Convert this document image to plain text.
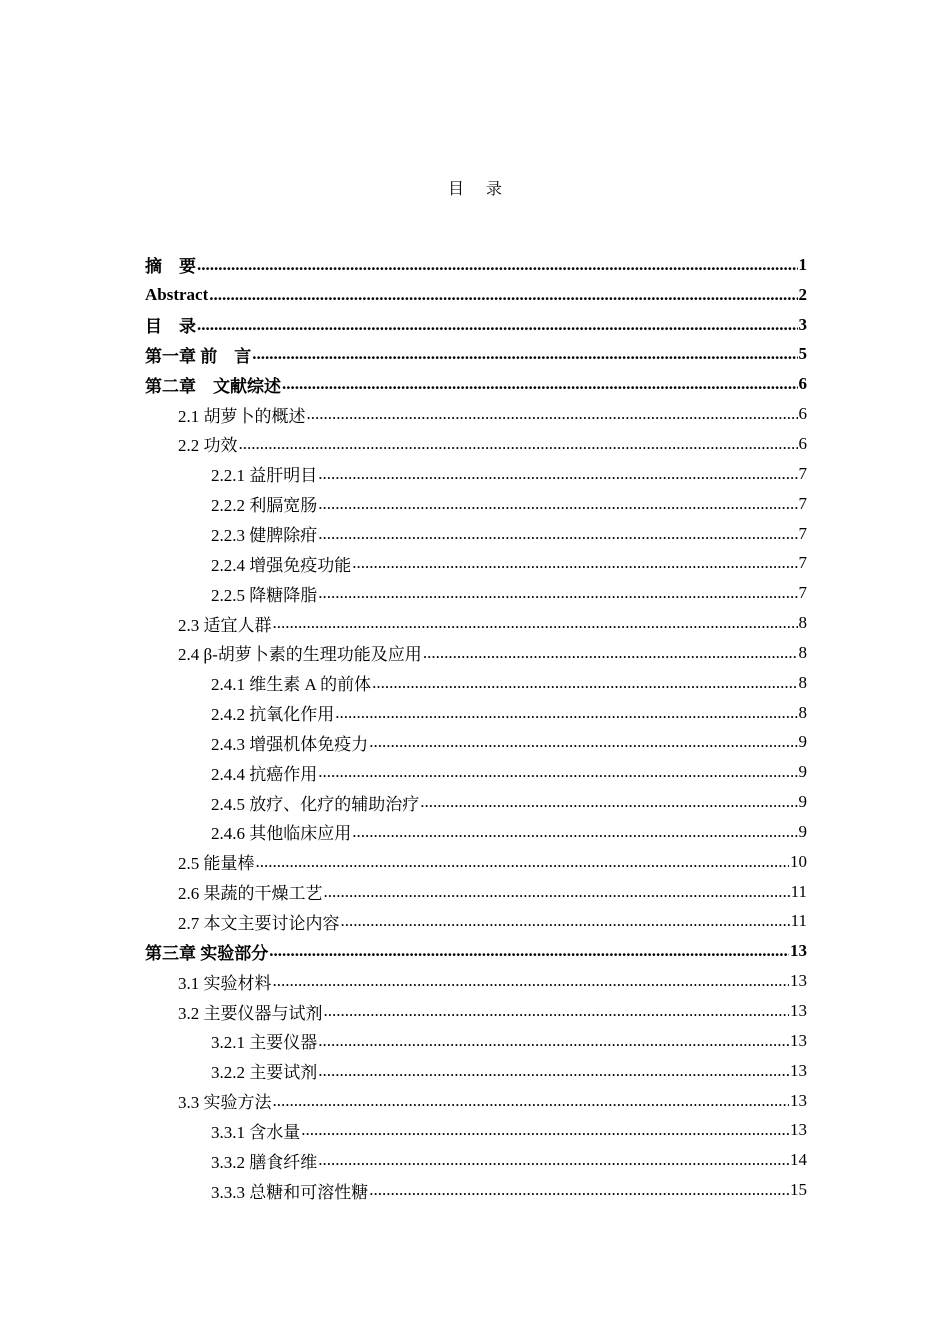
目 录
摘　要 .....	1
Abstract .....	2
目　录 .....	3
第一章 前　言 .....	5
第二章　文献综述 .....	6
2.1 胡萝卜的概述 .....	6
2.2 功效 .....	6
2.2.1 益肝明目 .....	7
2.2.2 利膈宽肠 .....	7
2.2.3 健脾除疳 .....	7
2.2.4 增强免疫功能 .....	7
2.2.5 降糖降脂 .....	7
2.3 适宜人群 .....	8
2.4 β-胡萝卜素的生理功能及应用 .....	8
2.4.1 维生素 A 的前体 .....	8
2.4.2 抗氧化作用 .....	8
2.4.3 增强机体免疫力 .....	9
2.4.4 抗癌作用 .....	9
2.4.5 放疗、化疗的辅助治疗 .....	9
2.4.6 其他临床应用 .....	9
2.5 能量棒 .....	10
2.6 果蔬的干燥工艺 .....	11
2.7 本文主要讨论内容 .....	11
第三章 实验部分 .....	13
3.1 实验材料 .....	13
3.2 主要仪器与试剂 .....	13
3.2.1 主要仪器 .....	13
3.2.2 主要试剂 .....	13
3.3 实验方法 .....	13
3.3.1 含水量 .....	13
3.3.2 膳食纤维 .....	14
3.3.3 总糖和可溶性糖 .....	15
